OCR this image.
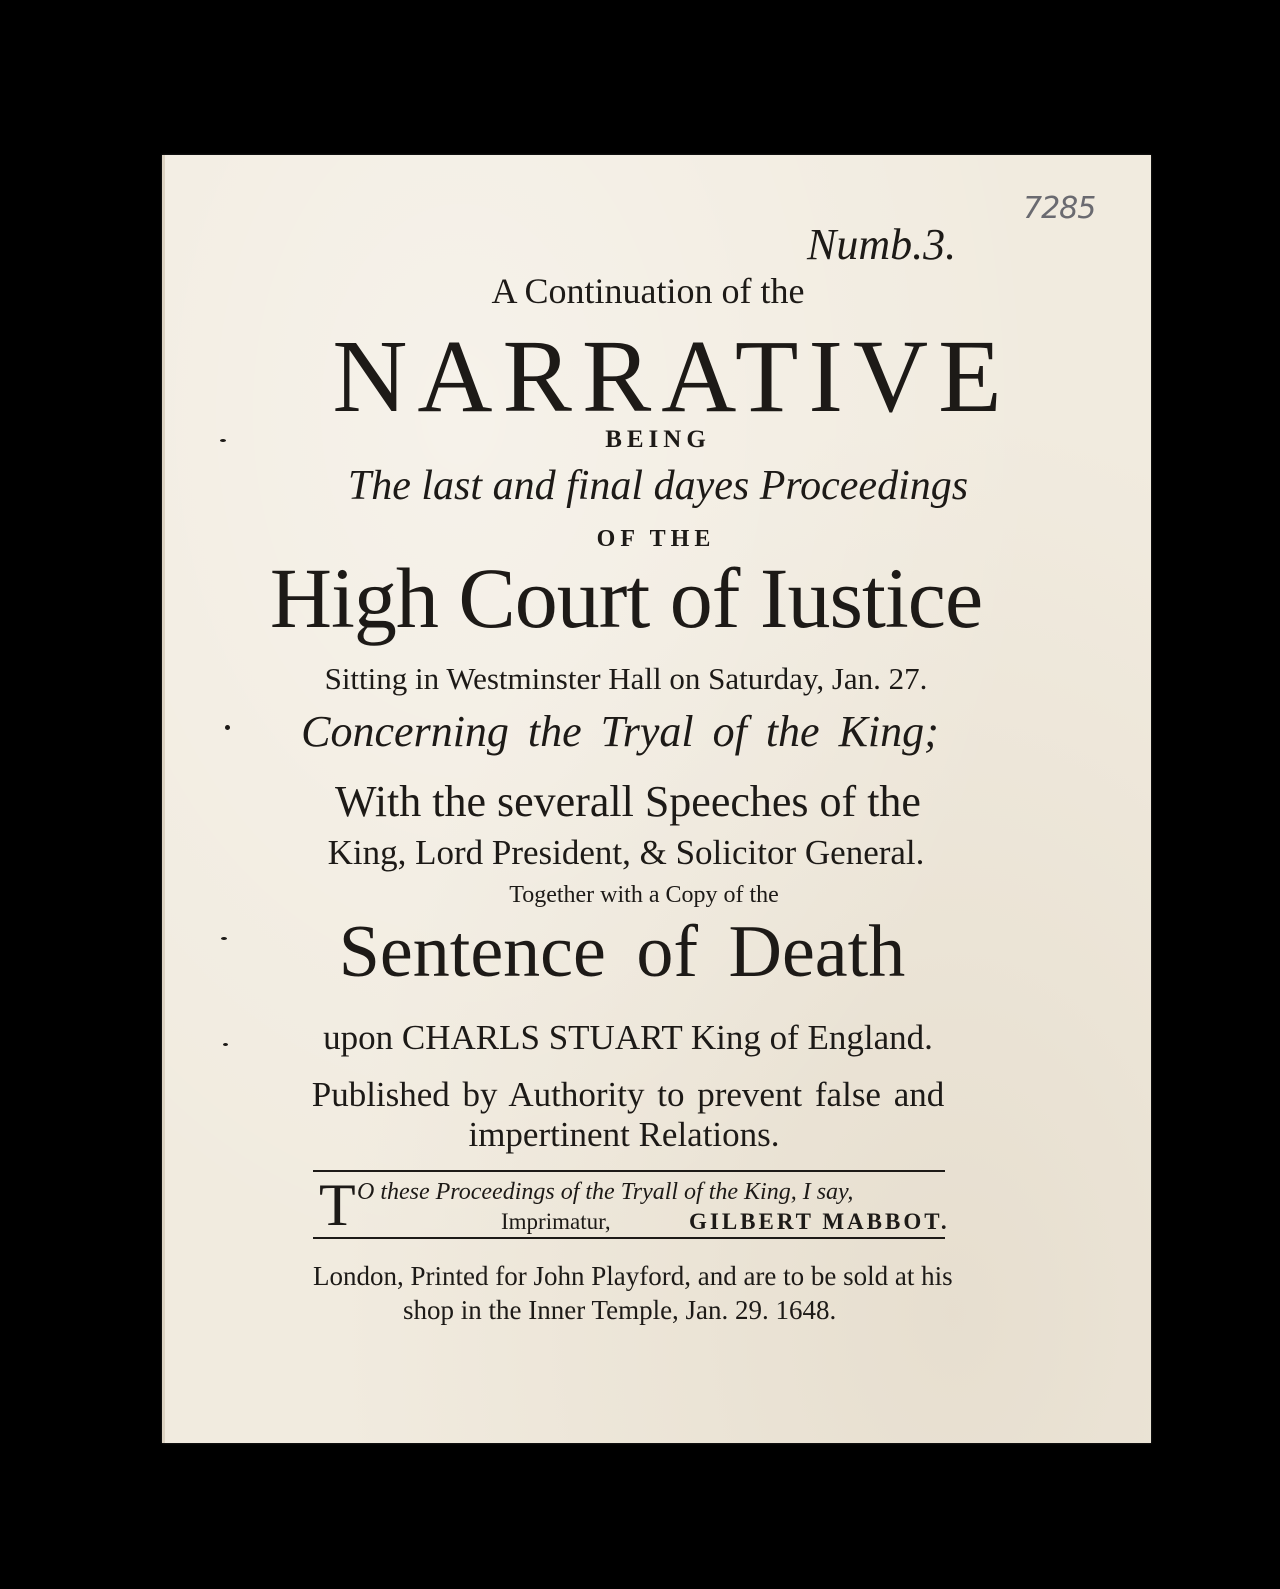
7285
Numb.3.
A Continuation of the
NARRATIVE
BEING
The last and final dayes Proceedings
OF THE
High Court of Iustice
Sitting in Westminster Hall on Saturday, Jan. 27.
Concerning the Tryal of the King;
With the severall Speeches of the
King, Lord President, & Solicitor General.
Together with a Copy of the
Sentence of Death
upon CHARLS STUART King of England.
Published by Authority to prevent false and
impertinent Relations.
T O these Proceedings of the Tryall of the King, I say,
Imprimatur,	GILBERT MABBOT.
London, Printed for John Playford, and are to be sold at his
shop in the Inner Temple, Jan. 29. 1648.
